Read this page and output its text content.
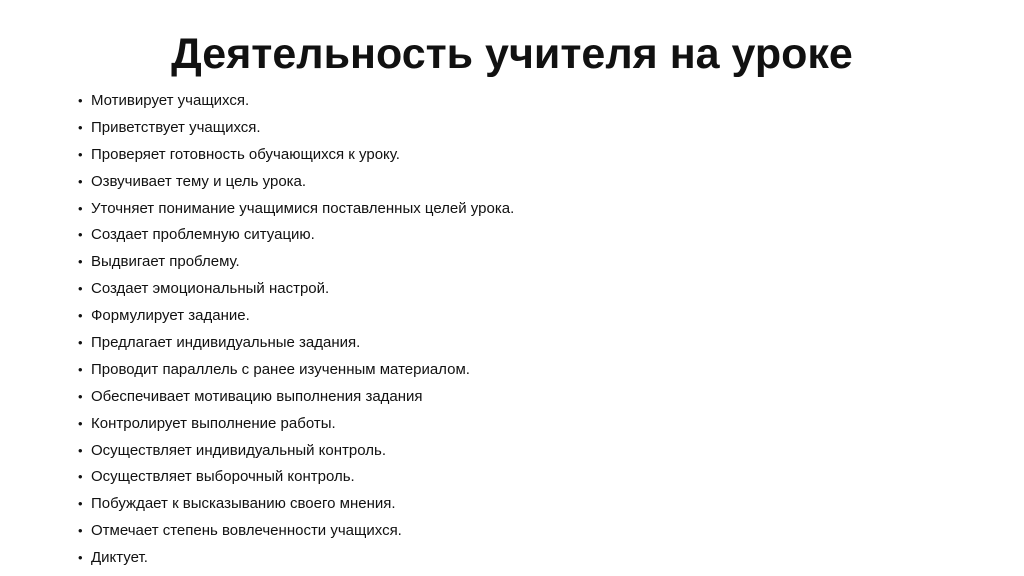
Деятельность учителя на уроке
• Мотивирует учащихся.
• Приветствует учащихся.
• Проверяет готовность обучающихся к уроку.
• Озвучивает тему и цель урока.
• Уточняет понимание учащимися поставленных целей урока.
• Создает проблемную ситуацию.
• Выдвигает проблему.
• Создает эмоциональный настрой.
• Формулирует задание.
• Предлагает индивидуальные задания.
• Проводит параллель с ранее изученным материалом.
• Обеспечивает мотивацию выполнения задания
• Контролирует выполнение работы.
• Осуществляет индивидуальный контроль.
• Осуществляет выборочный контроль.
• Побуждает к высказыванию своего мнения.
• Отмечает степень вовлеченности учащихся.
• Диктует.
